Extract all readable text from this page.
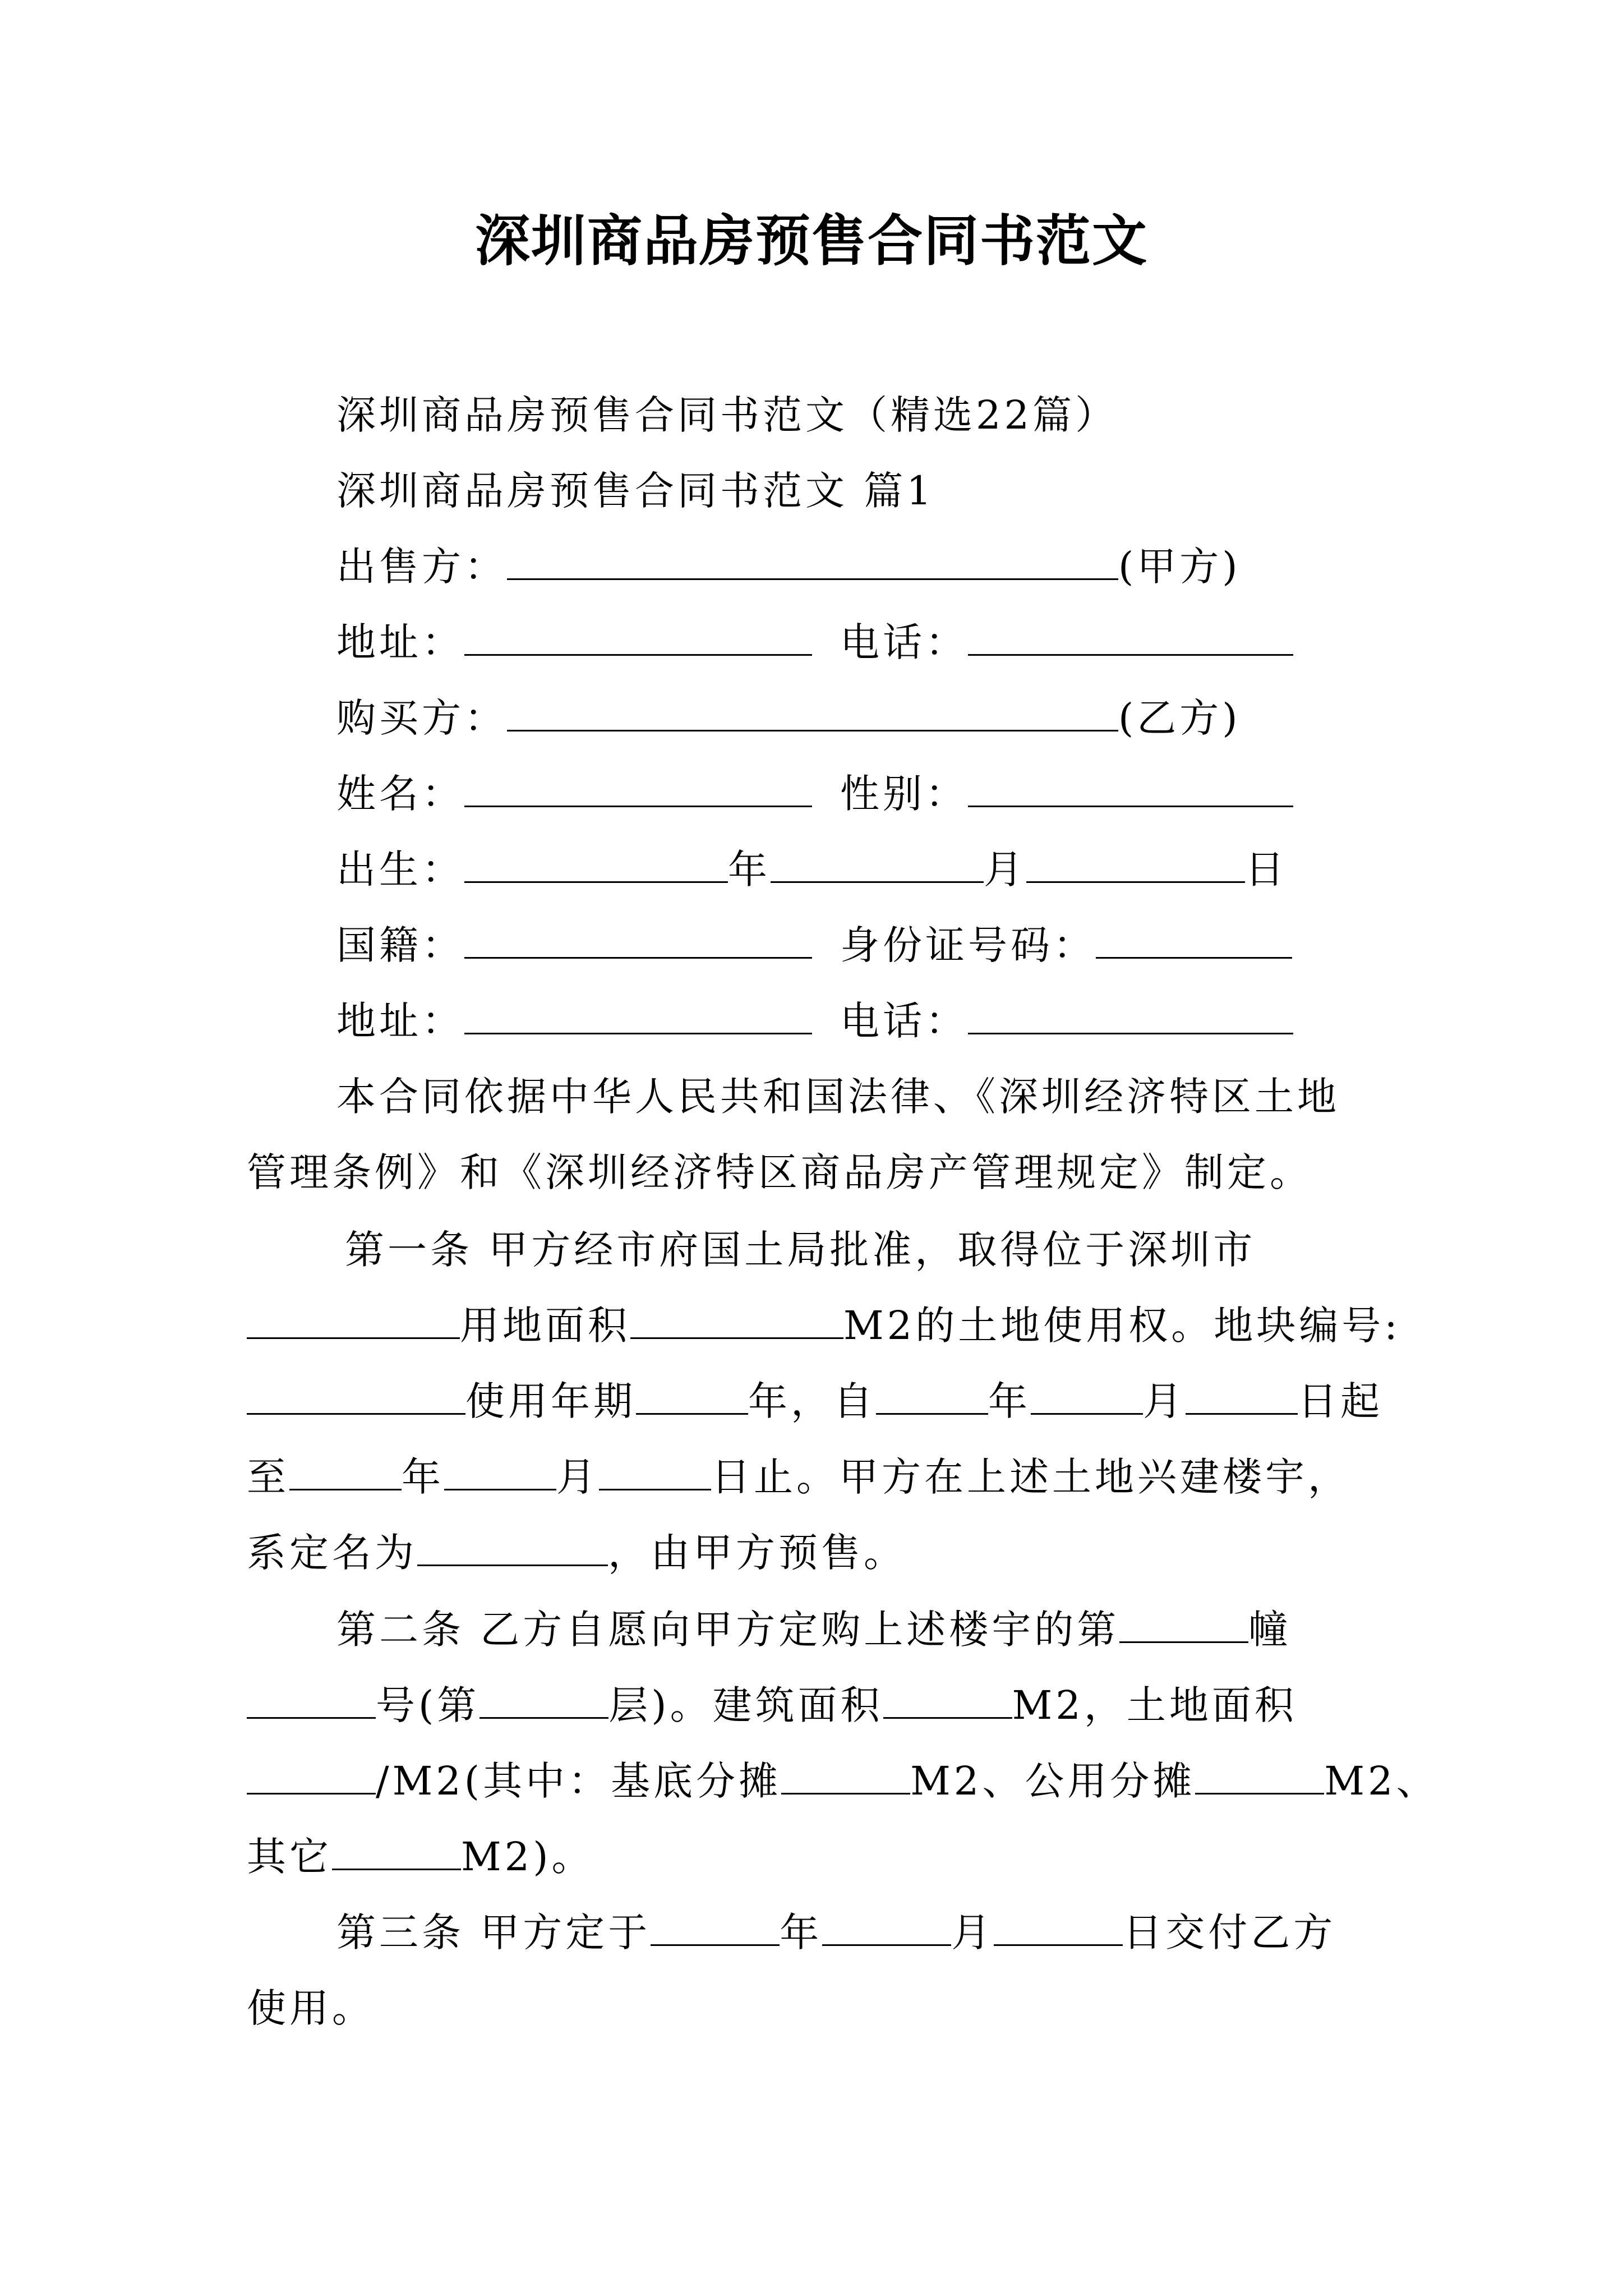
深圳商品房预售合同书范文
深圳商品房预售合同书范文（精选22篇）
深圳商品房预售合同书范文 篇1
出售方：	(甲方)
地址：	电话：
购买方：	(乙方)
姓名：	性别：
出生：	年	月	日
国籍：	身份证号码：
地址：	电话：
本合同依据中华人民共和国法律、《深圳经济特区土地
管理条例》和《深圳经济特区商品房产管理规定》制定。
第一条 甲方经市府国土局批准，取得位于深圳市
用地面积	M2的土地使用权。地块编号:
使用年期	年，自	年	月	日起
至	年	月	日止。甲方在上述土地兴建楼宇，
系定名为	，由甲方预售。
第二条 乙方自愿向甲方定购上述楼宇的第	幢
号(第	层)。建筑面积	M2，土地面积
/M2(其中：基底分摊	M2、公用分摊	M2、
其它	M2)。
第三条 甲方定于	年	月	日交付乙方
使用。
